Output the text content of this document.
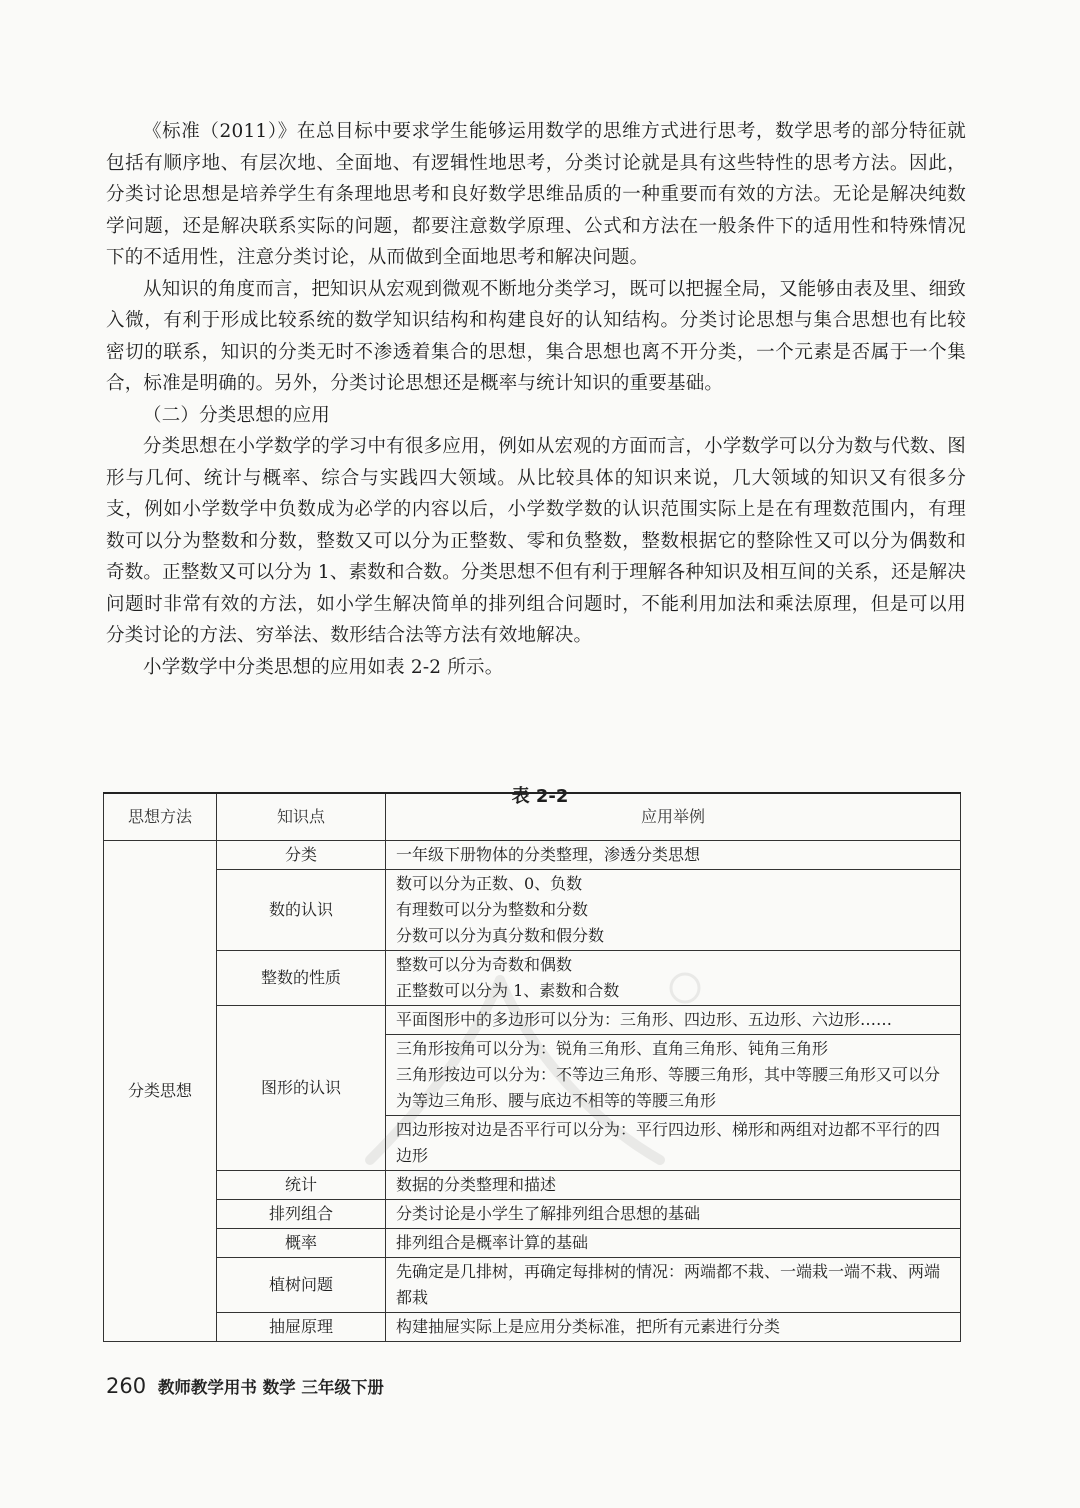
《标准（2011）》在总目标中要求学生能够运用数学的思维方式进行思考，数学思考的部分特征就包括有顺序地、有层次地、全面地、有逻辑性地思考，分类讨论就是具有这些特性的思考方法。因此，分类讨论思想是培养学生有条理地思考和良好数学思维品质的一种重要而有效的方法。无论是解决纯数学问题，还是解决联系实际的问题，都要注意数学原理、公式和方法在一般条件下的适用性和特殊情况下的不适用性，注意分类讨论，从而做到全面地思考和解决问题。

从知识的角度而言，把知识从宏观到微观不断地分类学习，既可以把握全局，又能够由表及里、细致入微，有利于形成比较系统的数学知识结构和构建良好的认知结构。分类讨论思想与集合思想也有比较密切的联系，知识的分类无时不渗透着集合的思想，集合思想也离不开分类，一个元素是否属于一个集合，标准是明确的。另外，分类讨论思想还是概率与统计知识的重要基础。

（二）分类思想的应用

分类思想在小学数学的学习中有很多应用，例如从宏观的方面而言，小学数学可以分为数与代数、图形与几何、统计与概率、综合与实践四大领域。从比较具体的知识来说，几大领域的知识又有很多分支，例如小学数学中负数成为必学的内容以后，小学数学数的认识范围实际上是在有理数范围内，有理数可以分为整数和分数，整数又可以分为正整数、零和负整数，整数根据它的整除性又可以分为偶数和奇数。正整数又可以分为 1、素数和合数。分类思想不但有利于理解各种知识及相互间的关系，还是解决问题时非常有效的方法，如小学生解决简单的排列组合问题时，不能利用加法和乘法原理，但是可以用分类讨论的方法、穷举法、数形结合法等方法有效地解决。

小学数学中分类思想的应用如表 2-2 所示。

表 2-2
思想方法	知识点	应用举例
分类思想	分类	一年级下册物体的分类整理，渗透分类思想

	数的认识	数可以分为正数、0、负数
有理数可以分为整数和分数
分数可以分为真分数和假分数

	整数的性质	整数可以分为奇数和偶数
正整数可以分为 1、素数和合数

	图形的认识	平面图形中的多边形可以分为：三角形、四边形、五边形、六边形……

		三角形按角可以分为：锐角三角形、直角三角形、钝角三角形
三角形按边可以分为：不等边三角形、等腰三角形，其中等腰三角形又可以分为等边三角形、腰与底边不相等的等腰三角形

		四边形按对边是否平行可以分为：平行四边形、梯形和两组对边都不平行的四边形

	统计	数据的分类整理和描述

	排列组合	分类讨论是小学生了解排列组合思想的基础

	概率	排列组合是概率计算的基础

	植树问题	先确定是几排树，再确定每排树的情况：两端都不栽、一端栽一端不栽、两端都栽

	抽屉原理	构建抽屉实际上是应用分类标准，把所有元素进行分类
260 教师教学用书 数学 三年级下册
